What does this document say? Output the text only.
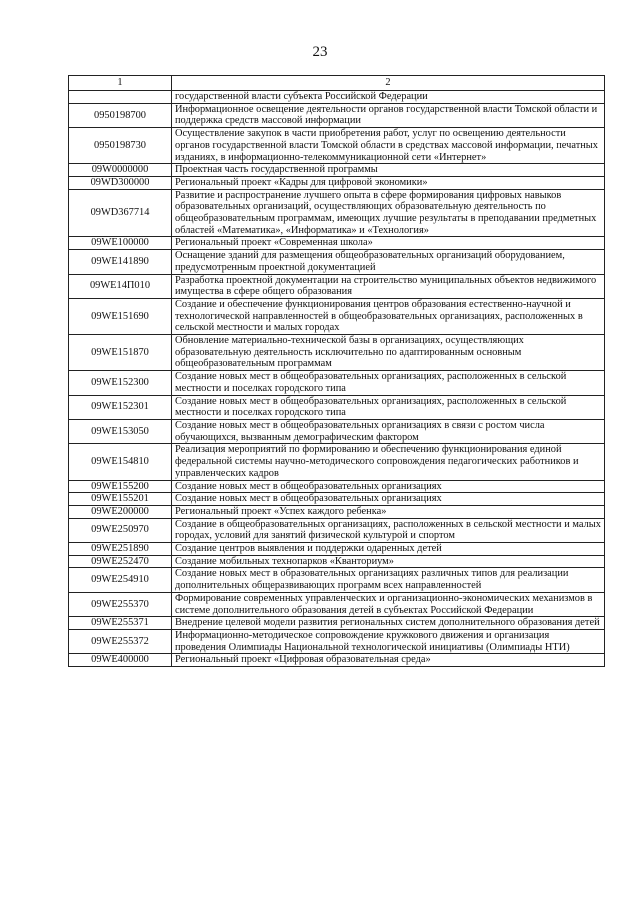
23
1	2
	государственной власти субъекта Российской Федерации
0950198700	Информационное освещение деятельности органов государственной власти Томской области и поддержка средств массовой информации
0950198730	Осуществление закупок в части приобретения работ, услуг по освещению деятельности органов государственной власти Томской области в средствах массовой информации, печатных изданиях, в информационно-телекоммуникационной сети «Интернет»
09W0000000	Проектная часть государственной программы
09WD300000	Региональный проект «Кадры для цифровой экономики»
09WD367714	Развитие и распространение лучшего опыта в сфере формирования цифровых навыков образовательных организаций, осуществляющих образовательную деятельность по общеобразовательным программам, имеющих лучшие результаты в преподавании предметных областей «Математика», «Информатика» и «Технология»
09WE100000	Региональный проект «Современная школа»
09WE141890	Оснащение зданий для размещения общеобразовательных организаций оборудованием, предусмотренным проектной документацией
09WE14П010	Разработка проектной документации на строительство муниципальных объектов недвижимого имущества в сфере общего образования
09WE151690	Создание и обеспечение функционирования центров образования естественно-научной и технологической направленностей в общеобразовательных организациях, расположенных в сельской местности и малых городах
09WE151870	Обновление материально-технической базы в организациях, осуществляющих образовательную деятельность исключительно по адаптированным основным общеобразовательным программам
09WE152300	Создание новых мест в общеобразовательных организациях, расположенных в сельской местности и поселках городского типа
09WE152301	Создание новых мест в общеобразовательных организациях, расположенных в сельской местности и поселках городского типа
09WE153050	Создание новых мест в общеобразовательных организациях в связи с ростом числа обучающихся, вызванным демографическим фактором
09WE154810	Реализация мероприятий по формированию и обеспечению функционирования единой федеральной системы научно-методического сопровождения педагогических работников и управленческих кадров
09WE155200	Создание новых мест в общеобразовательных организациях
09WE155201	Создание новых мест в общеобразовательных организациях
09WE200000	Региональный проект «Успех каждого ребенка»
09WE250970	Создание в общеобразовательных организациях, расположенных в сельской местности и малых городах, условий для занятий физической культурой и спортом
09WE251890	Создание центров выявления и поддержки одаренных детей
09WE252470	Создание мобильных технопарков «Кванториум»
09WE254910	Создание новых мест в образовательных организациях различных типов для реализации дополнительных общеразвивающих программ всех направленностей
09WE255370	Формирование современных управленческих и организационно-экономических механизмов в системе дополнительного образования детей в субъектах Российской Федерации
09WE255371	Внедрение целевой модели развития региональных систем дополнительного образования детей
09WE255372	Информационно-методическое сопровождение кружкового движения и организация проведения Олимпиады Национальной технологической инициативы (Олимпиады НТИ)
09WE400000	Региональный проект «Цифровая образовательная среда»
